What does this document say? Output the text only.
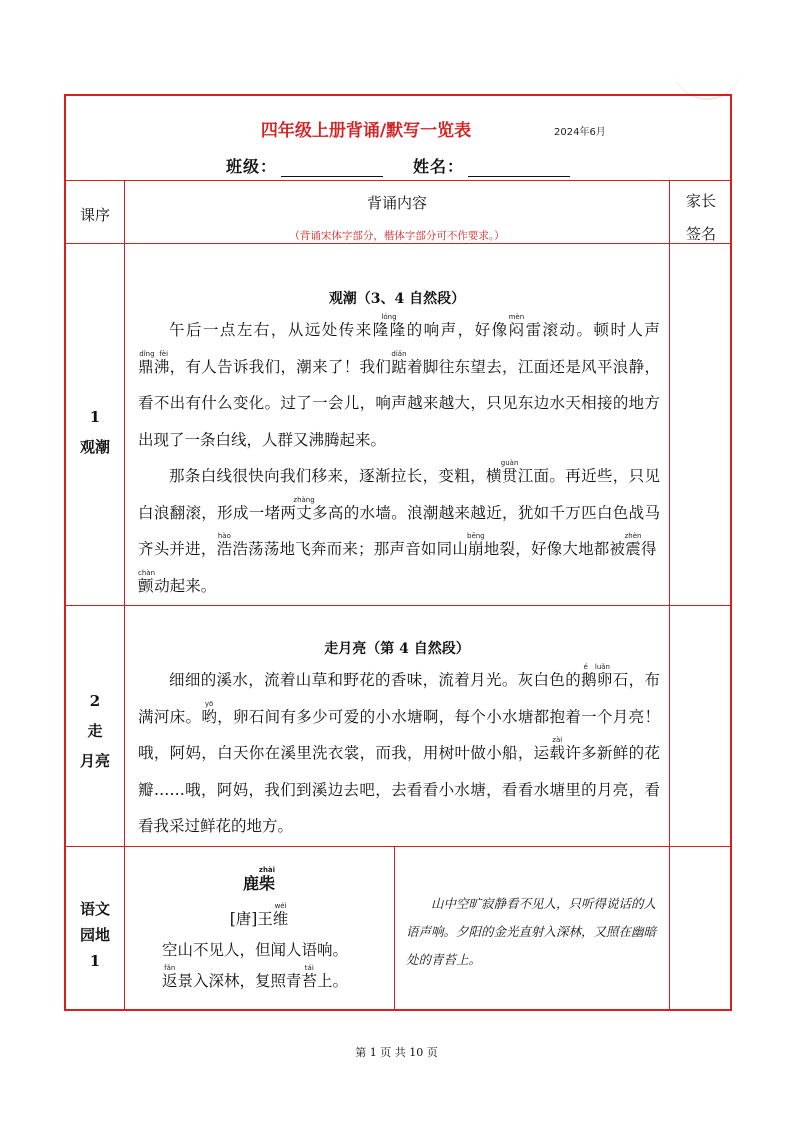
四年级上册背诵/默写一览表	2024年6月
班级：	姓名：
课序
背诵内容
（背诵宋体字部分，楷体字部分可不作要求。）
家长
签名
1
观潮
观潮（3、4 自然段）

午后一点左右，从远处传来隆隆lóng的响声，好像闷mèn雷滚动。顿时人声鼎沸dǐng fèi，有人告诉我们，潮来了！我们踮diǎn着脚往东望去，江面还是风平浪静，看不出有什么变化。过了一会儿，响声越来越大，只见东边水天相接的地方出现了一条白线，人群又沸腾起来。

那条白线很快向我们移来，逐渐拉长，变粗，横贯guàn江面。再近些，只见白浪翻滚，形成一堵两丈zhàng多高的水墙。浪潮越来越近，犹如千万匹白色战马齐头并进，浩hào浩荡荡地飞奔而来；那声音如同山崩bēng地裂，好像大地都被震zhèn得颤chàn动起来。

2
走
月亮
走月亮（第 4 自然段）

细细的溪水，流着山草和野花的香味，流着月光。灰白色的鹅卵é luǎn石，布满河床。哟yō，卵石间有多少可爱的小水塘啊，每个小水塘都抱着一个月亮！哦，阿妈，白天你在溪里洗衣裳，而我，用树叶做小船，运载zài许多新鲜的花瓣……哦，阿妈，我们到溪边去吧，去看看小水塘，看看水塘里的月亮，看看我采过鲜花的地方。

语文
园地
1
鹿柴zhài
[唐]王维wéi
空山不见人，但闻人语响。
返fǎn景入深林，复照青苔tái上。
山中空旷寂静看不见人，只听得说话的人语声响。夕阳的金光直射入深林，又照在幽暗处的青苔上。
第 1 页 共 10 页
